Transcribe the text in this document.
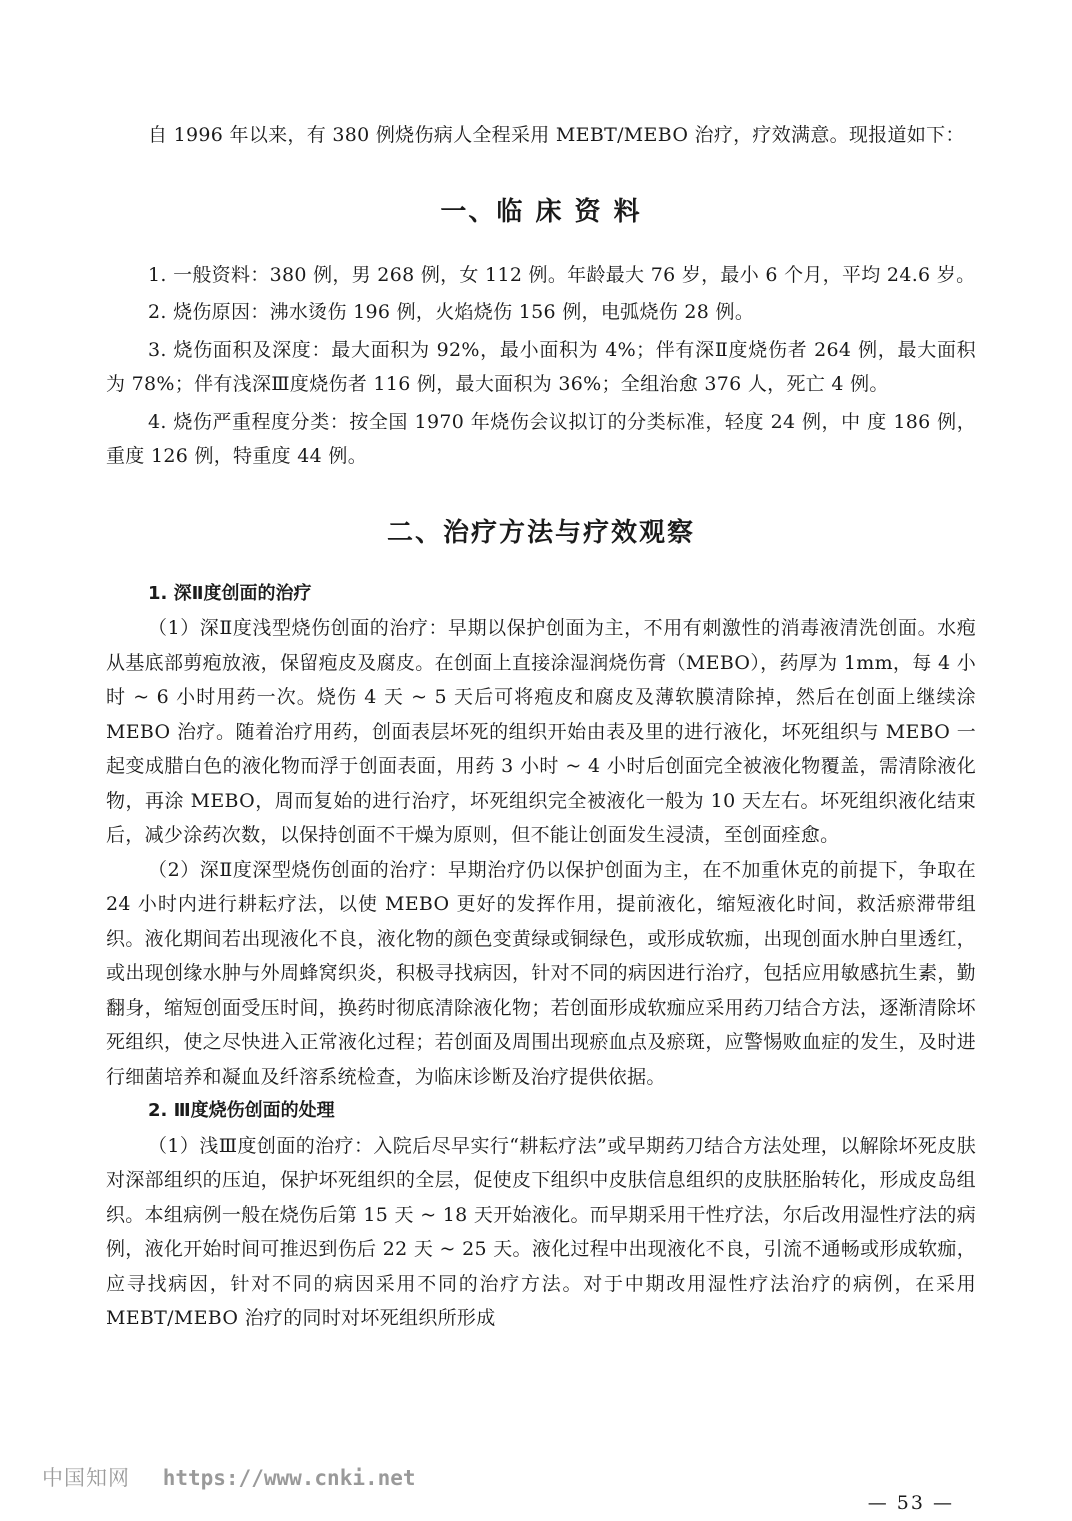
自 1996 年以来，有 380 例烧伤病人全程采用 MEBT/MEBO 治疗，疗效满意。现报道如下：

一、临 床 资 料

1. 一般资料：380 例，男 268 例，女 112 例。年龄最大 76 岁，最小 6 个月，平均 24.6 岁。

2. 烧伤原因：沸水烫伤 196 例，火焰烧伤 156 例，电弧烧伤 28 例。

3. 烧伤面积及深度：最大面积为 92%，最小面积为 4%；伴有深Ⅱ度烧伤者 264 例，最大面积为 78%；伴有浅深Ⅲ度烧伤者 116 例，最大面积为 36%；全组治愈 376 人，死亡 4 例。

4. 烧伤严重程度分类：按全国 1970 年烧伤会议拟订的分类标准，轻度 24 例，中 度 186 例，重度 126 例，特重度 44 例。

二、治疗方法与疗效观察

1. 深Ⅱ度创面的治疗

（1）深Ⅱ度浅型烧伤创面的治疗：早期以保护创面为主，不用有刺激性的消毒液清洗创面。水疱从基底部剪疱放液，保留疱皮及腐皮。在创面上直接涂湿润烧伤膏（MEBO），药厚为 1mm，每 4 小时 ~ 6 小时用药一次。烧伤 4 天 ~ 5 天后可将疱皮和腐皮及薄软膜清除掉，然后在创面上继续涂 MEBO 治疗。随着治疗用药，创面表层坏死的组织开始由表及里的进行液化，坏死组织与 MEBO 一起变成腊白色的液化物而浮于创面表面，用药 3 小时 ~ 4 小时后创面完全被液化物覆盖，需清除液化物，再涂 MEBO，周而复始的进行治疗，坏死组织完全被液化一般为 10 天左右。坏死组织液化结束后，减少涂药次数，以保持创面不干燥为原则，但不能让创面发生浸渍，至创面痊愈。

（2）深Ⅱ度深型烧伤创面的治疗：早期治疗仍以保护创面为主，在不加重休克的前提下，争取在 24 小时内进行耕耘疗法，以使 MEBO 更好的发挥作用，提前液化，缩短液化时间，救活瘀滞带组织。液化期间若出现液化不良，液化物的颜色变黄绿或铜绿色，或形成软痂，出现创面水肿白里透红，或出现创缘水肿与外周蜂窝织炎，积极寻找病因，针对不同的病因进行治疗，包括应用敏感抗生素，勤翻身，缩短创面受压时间，换药时彻底清除液化物；若创面形成软痂应采用药刀结合方法，逐渐清除坏死组织，使之尽快进入正常液化过程；若创面及周围出现瘀血点及瘀斑，应警惕败血症的发生，及时进行细菌培养和凝血及纤溶系统检查，为临床诊断及治疗提供依据。

2. Ⅲ度烧伤创面的处理

（1）浅Ⅲ度创面的治疗：入院后尽早实行“耕耘疗法”或早期药刀结合方法处理，以解除坏死皮肤对深部组织的压迫，保护坏死组织的全层，促使皮下组织中皮肤信息组织的皮肤胚胎转化，形成皮岛组织。本组病例一般在烧伤后第 15 天 ~ 18 天开始液化。而早期采用干性疗法，尔后改用湿性疗法的病例，液化开始时间可推迟到伤后 22 天 ~ 25 天。液化过程中出现液化不良，引流不通畅或形成软痂，应寻找病因，针对不同的病因采用不同的治疗方法。对于中期改用湿性疗法治疗的病例，在采用 MEBT/MEBO 治疗的同时对坏死组织所形成

— 53 —
中国知网 https://www.cnki.net
